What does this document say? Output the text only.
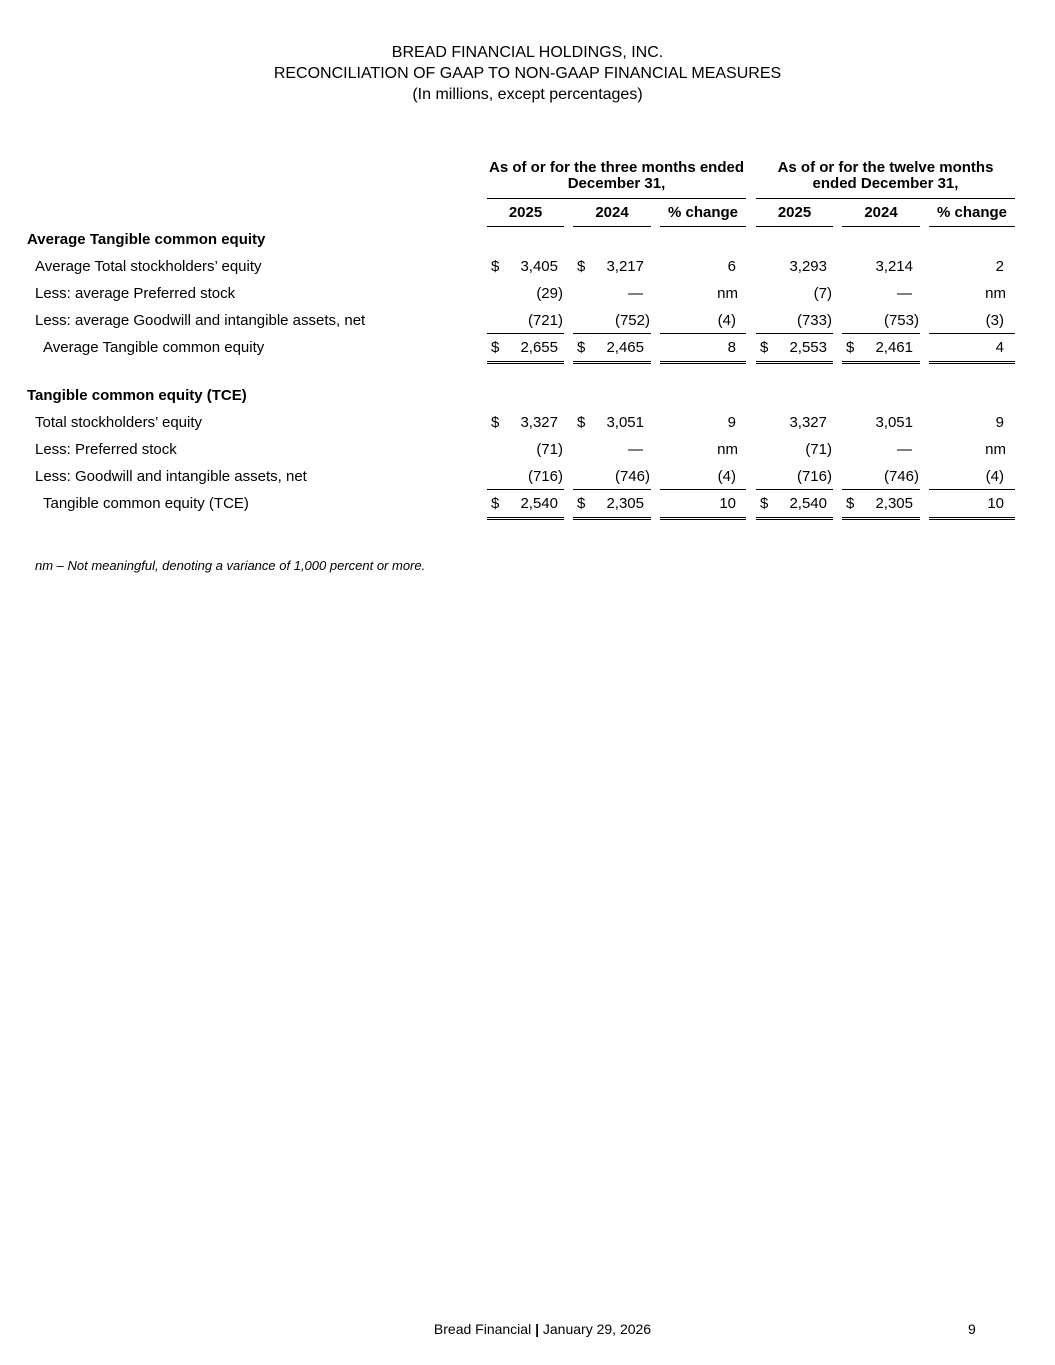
BREAD FINANCIAL HOLDINGS, INC.
RECONCILIATION OF GAAP TO NON-GAAP FINANCIAL MEASURES
(In millions, except percentages)
As of or for the three months ended December 31,
As of or for the twelve months ended December 31,
2025	2024	% change	2025	2024	% change
Average Tangible common equity
Average Total stockholders’ equity	$ 3,405 $ 3,217	6	3,293	3,214	2
Less: average Preferred stock	(29)	—	nm	(7)	—	nm
Less: average Goodwill and intangible assets, net	(721)	(752)	(4)	(733)	(753)	(3)
Average Tangible common equity	$ 2,655 $ 2,465	8 $ 2,553 $ 2,461	4
Tangible common equity (TCE)
Total stockholders’ equity	$ 3,327 $ 3,051	9	3,327	3,051	9
Less: Preferred stock	(71)	—	nm	(71)	—	nm
Less: Goodwill and intangible assets, net	(716)	(746)	(4)	(716)	(746)	(4)
Tangible common equity (TCE)	$ 2,540 $ 2,305	10 $ 2,540 $ 2,305	10
nm – Not meaningful, denoting a variance of 1,000 percent or more.
Bread Financial | January 29, 2026	9
